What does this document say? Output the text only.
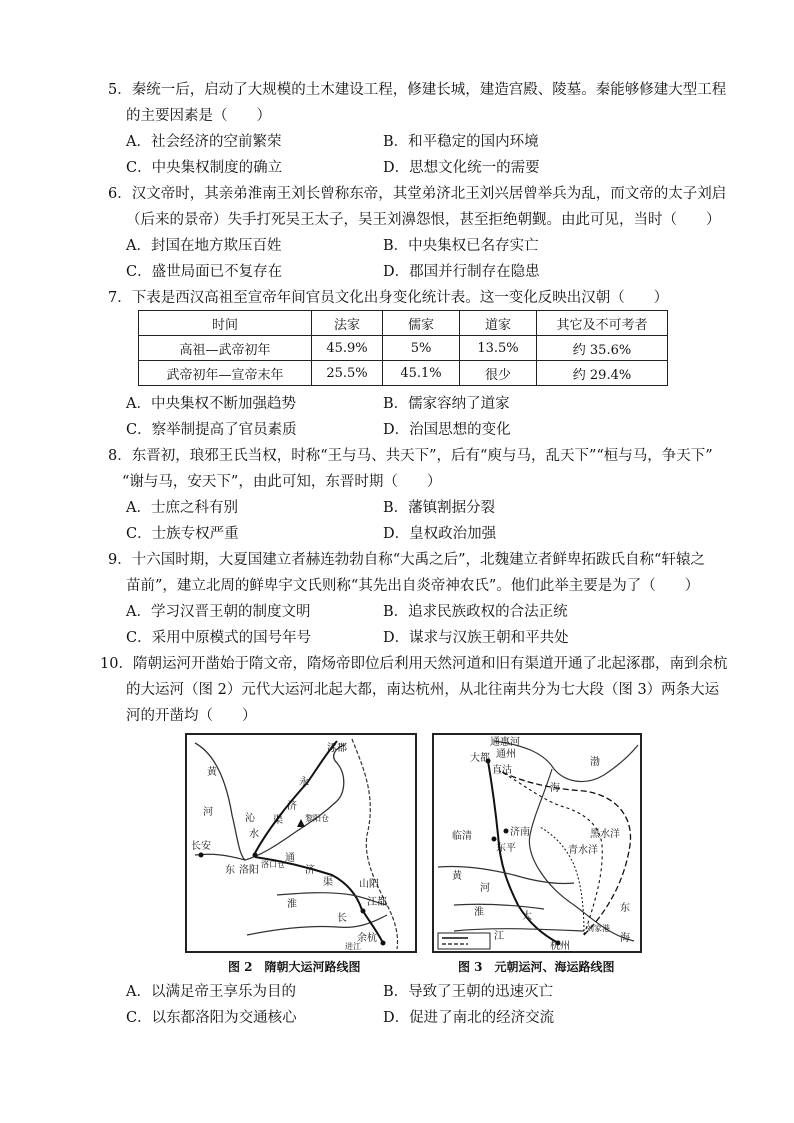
5．秦统一后，启动了大规模的土木建设工程，修建长城，建造宫殿、陵墓。秦能够修建大型工程
的主要因素是（　　）
A．社会经济的空前繁荣	B．和平稳定的国内环境
C．中央集权制度的确立	D．思想文化统一的需要
6．汉文帝时，其亲弟淮南王刘长曾称东帝，其堂弟济北王刘兴居曾举兵为乱，而文帝的太子刘启
（后来的景帝）失手打死吴王太子，吴王刘濞怨恨，甚至拒绝朝觐。由此可见，当时（　　）
A．封国在地方欺压百姓	B．中央集权已名存实亡
C．盛世局面已不复存在	D．郡国并行制存在隐患
7．下表是西汉高祖至宣帝年间官员文化出身变化统计表。这一变化反映出汉朝（　　）
时间	法家	儒家	道家	其它及不可考者
高祖—武帝初年	45.9%	5%	13.5%	约 35.6%
武帝初年—宣帝末年	25.5%	45.1%	很少	约 29.4%
A．中央集权不断加强趋势	B．儒家容纳了道家
C．察举制提高了官员素质	D．治国思想的变化
8．东晋初，琅邪王氏当权，时称“王与马、共天下”，后有“庾与马，乱天下”“桓与马，争天下”
“谢与马，安天下”，由此可知，东晋时期（　　）
A．士庶之科有别	B．藩镇割据分裂
C．士族专权严重	D．皇权政治加强
9．十六国时期，大夏国建立者赫连勃勃自称“大禹之后”，北魏建立者鲜卑拓跋氏自称“轩辕之
苗前”，建立北周的鲜卑宇文氏则称“其先出自炎帝神农氏”。他们此举主要是为了（　　）
A．学习汉晋王朝的制度文明	B．追求民族政权的合法正统
C．采用中原模式的国号年号	D．谋求与汉族王朝和平共处
10．隋朝运河开凿始于隋文帝，隋炀帝即位后利用天然河道和旧有渠道开通了北起涿郡，南到余杭
的大运河（图 2）元代大运河北起大都，南达杭州，从北往南共分为七大段（图 3）两条大运
河的开凿均（　　）
涿郡
黄
永
济
沁 渠
河
水
长安
洛阳
通
济
渠
淮
东
江都
山阳
长
余杭
进江
洛口仓
黎阳仓
图 2　隋朝大运河路线图
通惠河
大都 通州
直沽
渤
海
临清	济南
东平
黄
河
淮	大
江
杭州
黑水洋
青水洋
东
海
刘家港
图 3　元朝运河、海运路线图
A．以满足帝王享乐为目的	B．导致了王朝的迅速灭亡
C．以东都洛阳为交通核心	D．促进了南北的经济交流
